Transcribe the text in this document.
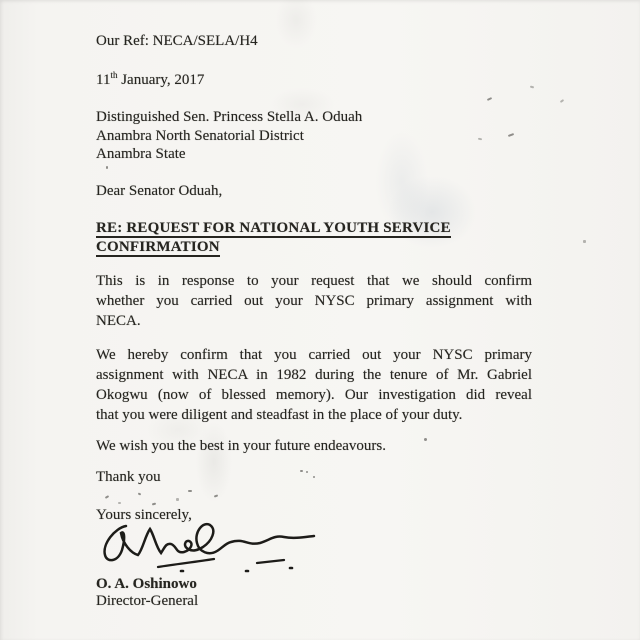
Our Ref: NECA/SELA/H4

11th January, 2017

Distinguished Sen. Princess Stella A. Oduah
Anambra North Senatorial District
Anambra State

Dear Senator Oduah,

RE: REQUEST FOR NATIONAL YOUTH SERVICE
CONFIRMATION
This is in response to your request that we should confirm
whether you carried out your NYSC primary assignment with
NECA.
We hereby confirm that you carried out your NYSC primary
assignment with NECA in 1982 during the tenure of Mr. Gabriel
Okogwu (now of blessed memory). Our investigation did reveal
that you were diligent and steadfast in the place of your duty.
We wish you the best in your future endeavours.

Thank you

Yours sincerely,

O. A. Oshinowo

Director-General
